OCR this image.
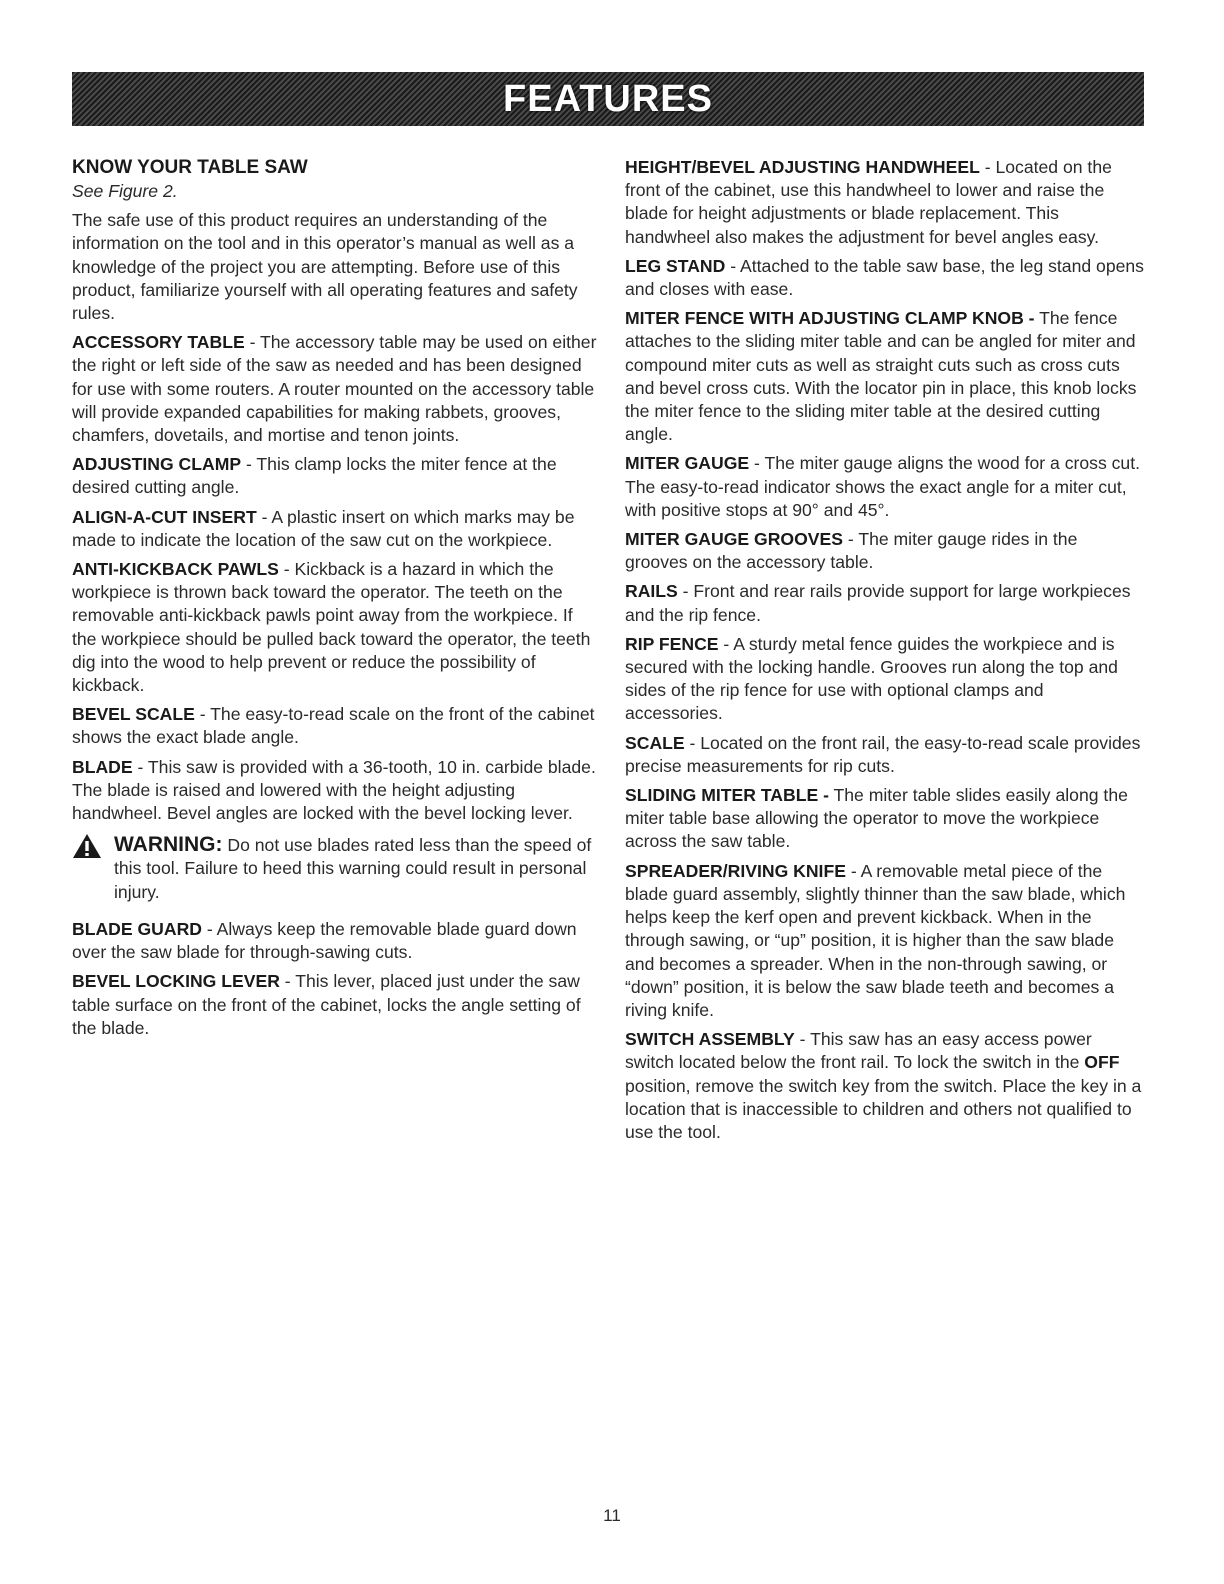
FEATURES
KNOW YOUR TABLE SAW

See Figure 2.

The safe use of this product requires an understanding of the information on the tool and in this operator’s manual as well as a knowledge of the project you are attempting. Before use of this product, familiarize yourself with all operating features and safety rules.

ACCESSORY TABLE - The accessory table may be used on either the right or left side of the saw as needed and has been designed for use with some routers. A router mounted on the accessory table will provide expanded capabilities for making rabbets, grooves, chamfers, dovetails, and mortise and tenon joints.

ADJUSTING CLAMP - This clamp locks the miter fence at the desired cutting angle.

ALIGN-A-CUT INSERT - A plastic insert on which marks may be made to indicate the location of the saw cut on the workpiece.

ANTI-KICKBACK PAWLS - Kickback is a hazard in which the workpiece is thrown back toward the operator. The teeth on the removable anti-kickback pawls point away from the workpiece. If the workpiece should be pulled back toward the operator, the teeth dig into the wood to help prevent or reduce the possibility of kickback.

BEVEL SCALE - The easy-to-read scale on the front of the cabinet shows the exact blade angle.

BLADE - This saw is provided with a 36-tooth, 10 in. carbide blade. The blade is raised and lowered with the height adjusting handwheel. Bevel angles are locked with the bevel locking lever.

WARNING: Do not use blades rated less than the speed of this tool. Failure to heed this warning could result in personal injury.

BLADE GUARD - Always keep the removable blade guard down over the saw blade for through-sawing cuts.

BEVEL LOCKING LEVER - This lever, placed just under the saw table surface on the front of the cabinet, locks the angle setting of the blade.

HEIGHT/BEVEL ADJUSTING HANDWHEEL - Located on the front of the cabinet, use this handwheel to lower and raise the blade for height adjustments or blade replacement. This handwheel also makes the adjustment for bevel angles easy.

LEG STAND - Attached to the table saw base, the leg stand opens and closes with ease.

MITER FENCE WITH ADJUSTING CLAMP KNOB - The fence attaches to the sliding miter table and can be angled for miter and compound miter cuts as well as straight cuts such as cross cuts and bevel cross cuts. With the locator pin in place, this knob locks the miter fence to the sliding miter table at the desired cutting angle.

MITER GAUGE - The miter gauge aligns the wood for a cross cut. The easy-to-read indicator shows the exact angle for a miter cut, with positive stops at 90° and 45°.

MITER GAUGE GROOVES - The miter gauge rides in the grooves on the accessory table.

RAILS - Front and rear rails provide support for large workpieces and the rip fence.

RIP FENCE - A sturdy metal fence guides the workpiece and is secured with the locking handle. Grooves run along the top and sides of the rip fence for use with optional clamps and accessories.

SCALE - Located on the front rail, the easy-to-read scale provides precise measurements for rip cuts.

SLIDING MITER TABLE - The miter table slides easily along the miter table base allowing the operator to move the workpiece across the saw table.

SPREADER/RIVING KNIFE - A removable metal piece of the blade guard assembly, slightly thinner than the saw blade, which helps keep the kerf open and prevent kickback. When in the through sawing, or “up” position, it is higher than the saw blade and becomes a spreader. When in the non-through sawing, or “down” position, it is below the saw blade teeth and becomes a riving knife.

SWITCH ASSEMBLY - This saw has an easy access power switch located below the front rail. To lock the switch in the OFF position, remove the switch key from the switch. Place the key in a location that is inaccessible to children and others not qualified to use the tool.

11
